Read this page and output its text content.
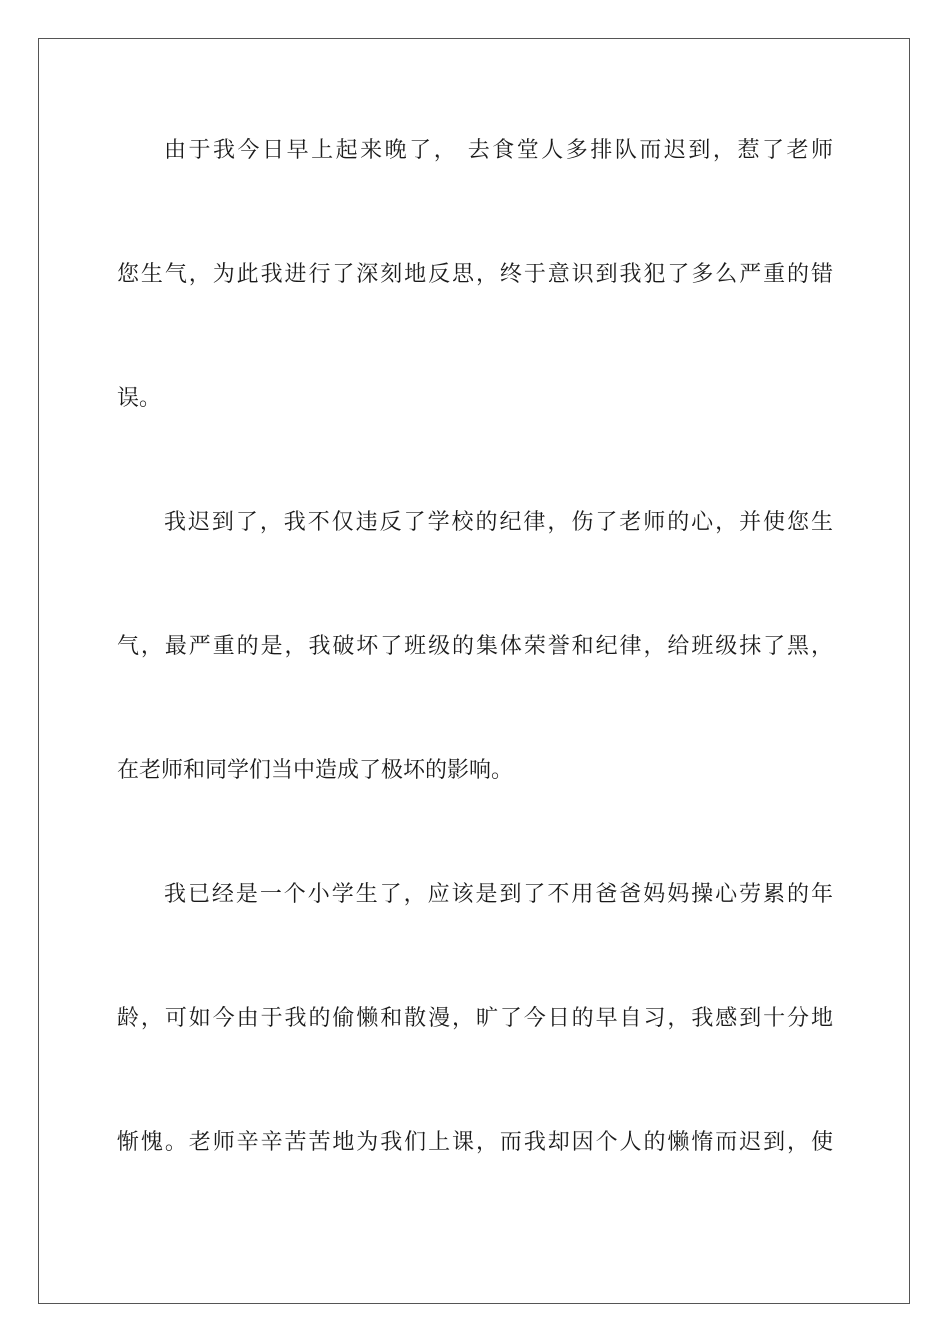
由于我今日早上起来晚了， 去食堂人多排队而迟到，惹了老师
您生气，为此我进行了深刻地反思，终于意识到我犯了多么严重的错
误。
我迟到了，我不仅违反了学校的纪律，伤了老师的心，并使您生
气，最严重的是，我破坏了班级的集体荣誉和纪律，给班级抹了黑，
在老师和同学们当中造成了极坏的影响。
我已经是一个小学生了，应该是到了不用爸爸妈妈操心劳累的年
龄，可如今由于我的偷懒和散漫，旷了今日的早自习，我感到十分地
惭愧。老师辛辛苦苦地为我们上课，而我却因个人的懒惰而迟到，使
